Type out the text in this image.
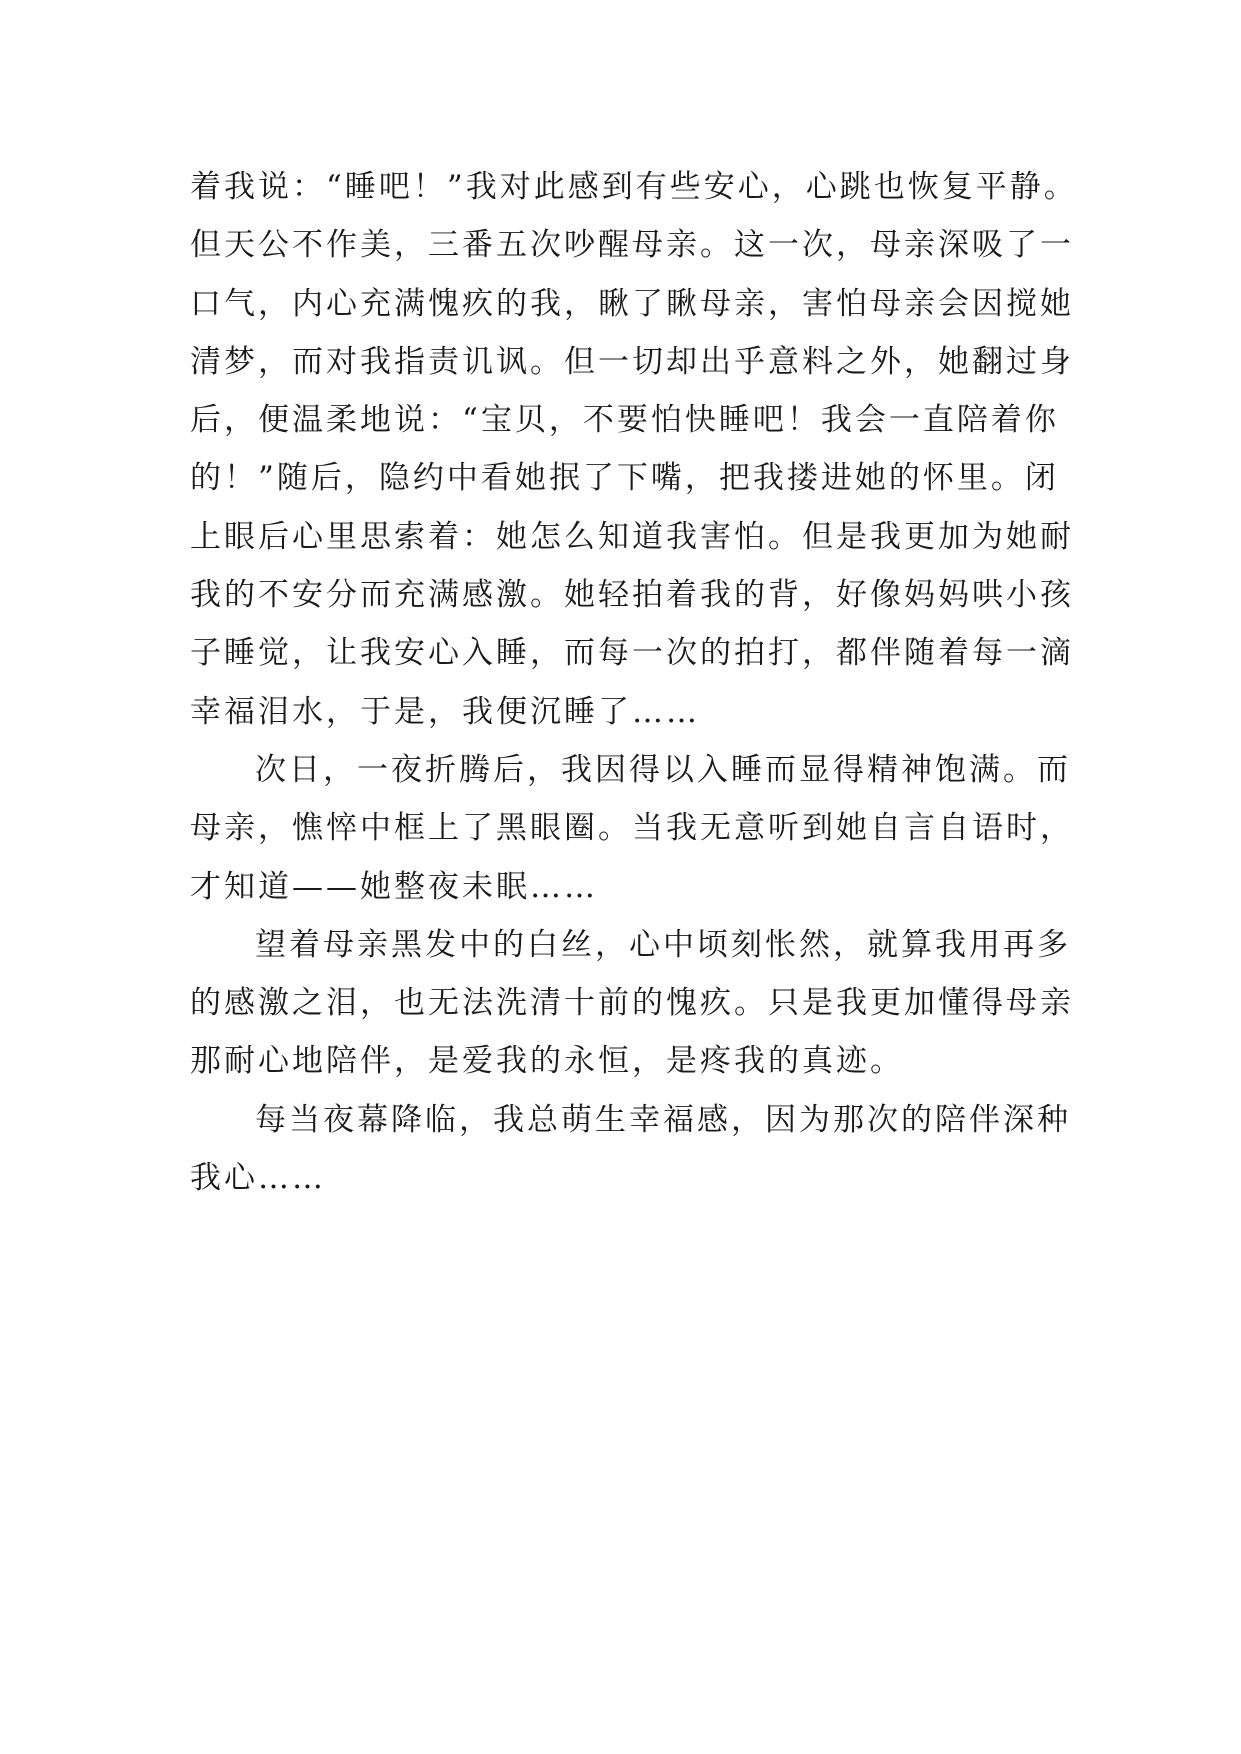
着我说：“睡吧！”我对此感到有些安心，心跳也恢复平静。
但天公不作美，三番五次吵醒母亲。这一次，母亲深吸了一
口气，内心充满愧疚的我，瞅了瞅母亲，害怕母亲会因搅她
清梦，而对我指责讥讽。但一切却出乎意料之外，她翻过身
后，便温柔地说：“宝贝，不要怕快睡吧！我会一直陪着你
的！”随后，隐约中看她抿了下嘴，把我搂进她的怀里。闭
上眼后心里思索着：她怎么知道我害怕。但是我更加为她耐
我的不安分而充满感激。她轻拍着我的背，好像妈妈哄小孩
子睡觉，让我安心入睡，而每一次的拍打，都伴随着每一滴
幸福泪水，于是，我便沉睡了……
次日，一夜折腾后，我因得以入睡而显得精神饱满。而
母亲，憔悴中框上了黑眼圈。当我无意听到她自言自语时，
才知道——她整夜未眠……
望着母亲黑发中的白丝，心中顷刻怅然，就算我用再多
的感激之泪，也无法洗清十前的愧疚。只是我更加懂得母亲
那耐心地陪伴，是爱我的永恒，是疼我的真迹。
每当夜幕降临，我总萌生幸福感，因为那次的陪伴深种
我心……
